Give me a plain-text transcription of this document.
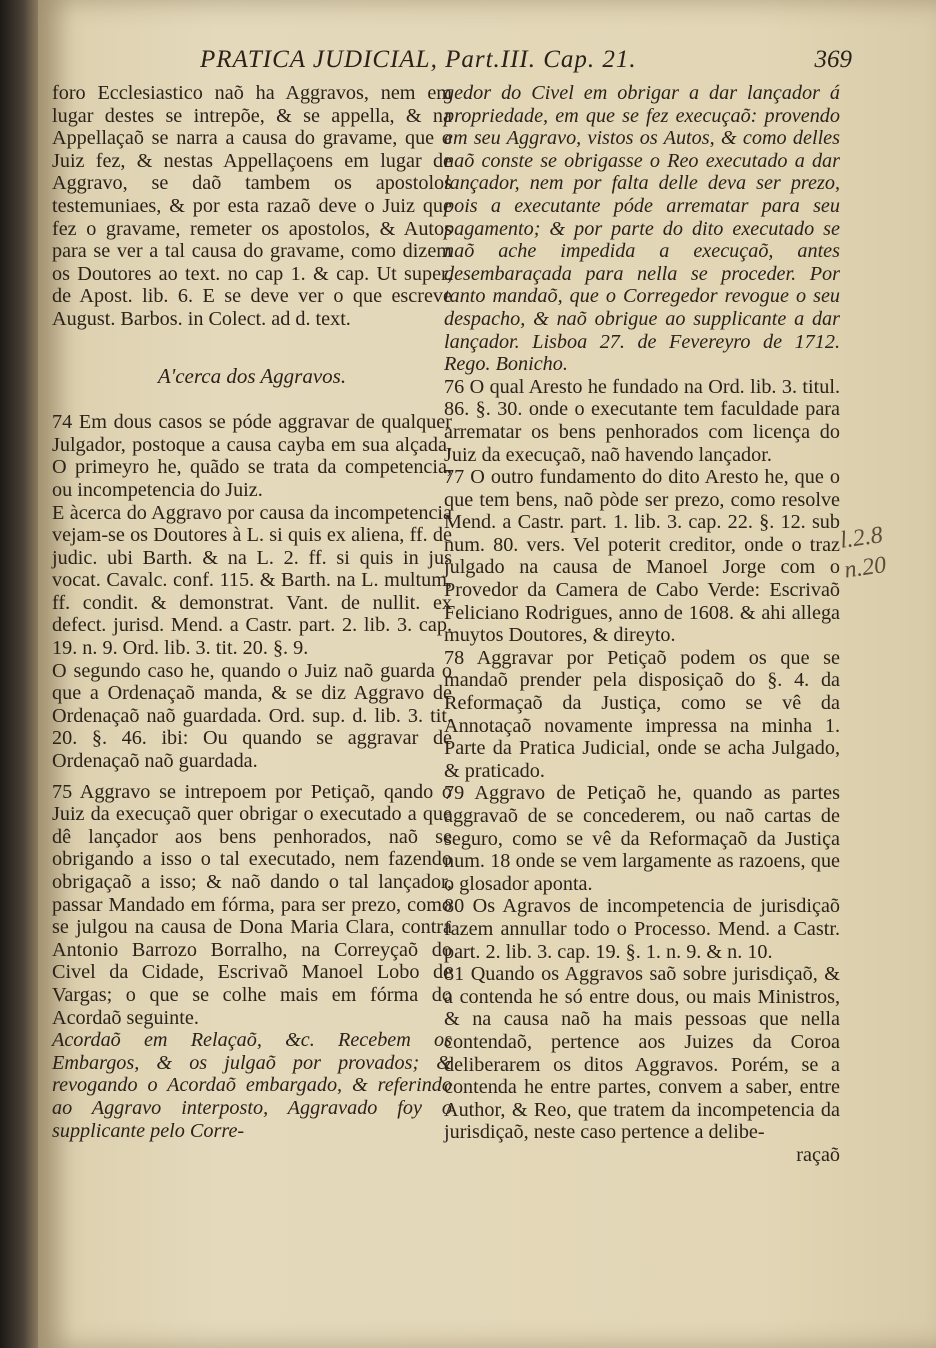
PRATICA JUDICIAL, Part.III. Cap. 21.	369

foro Ecclesiastico naõ ha Aggravos, nem em lugar destes se intrepõe, & se appella, & na Appellaçaõ se narra a causa do gravame, que o Juiz fez, & nestas Appellaçoens em lugar de Aggravo, se daõ tambem os apostolos testemuniaes, & por esta razaõ deve o Juiz que fez o gravame, remeter os apostolos, & Autos para se ver a tal causa do gravame, como dizem os Doutores ao text. no cap 1. & cap. Ut super, de Apost. lib. 6. E se deve ver o que escreve August. Barbos. in Colect. ad d. text.

A'cerca dos Aggravos.

74 Em dous casos se póde aggravar de qualquer Julgador, postoque a causa cayba em sua alçada. O primeyro he, quãdo se trata da competencia, ou incompetencia do Juiz.

E àcerca do Aggravo por causa da incompetencia vejam-se os Doutores à L. si quis ex aliena, ff. de judic. ubi Barth. & na L. 2. ff. si quis in jus vocat. Cavalc. conf. 115. & Barth. na L. multum, ff. condit. & demonstrat. Vant. de nullit. ex defect. jurisd. Mend. a Castr. part. 2. lib. 3. cap. 19. n. 9. Ord. lib. 3. tit. 20. §. 9.

O segundo caso he, quando o Juiz naõ guarda o que a Ordenaçaõ manda, & se diz Aggravo de Ordenaçaõ naõ guardada. Ord. sup. d. lib. 3. tit. 20. §. 46. ibi: Ou quando se aggravar de Ordenaçaõ naõ guardada.

75 Aggravo se intrepoem por Petiçaõ, qando o Juiz da execuçaõ quer obrigar o executado a que dê lançador aos bens penhorados, naõ se obrigando a isso o tal executado, nem fazendo obrigaçaõ a isso; & naõ dando o tal lançador, passar Mandado em fórma, para ser prezo, como se julgou na causa de Dona Maria Clara, contra Antonio Barrozo Borralho, na Correyçaõ do Civel da Cidade, Escrivaõ Manoel Lobo de Vargas; o que se colhe mais em fórma do Acordaõ seguinte.

Acordaõ em Relaçaõ, &c. Recebem os Embargos, & os julgaõ por provados; & revogando o Acordaõ embargado, & referindo ao Aggravo interposto, Aggravado foy o supplicante pelo Corre-

gedor do Civel em obrigar a dar lançador á propriedade, em que se fez execuçaõ: provendo em seu Aggravo, vistos os Autos, & como delles naõ conste se obrigasse o Reo executado a dar lançador, nem por falta delle deva ser prezo, pois a executante póde arrematar para seu pagamento; & por parte do dito executado se naõ ache impedida a execuçaõ, antes desembaraçada para nella se proceder. Por tanto mandaõ, que o Corregedor revogue o seu despacho, & naõ obrigue ao supplicante a dar lançador. Lisboa 27. de Fevereyro de 1712. Rego. Bonicho.

76 O qual Aresto he fundado na Ord. lib. 3. titul. 86. §. 30. onde o executante tem faculdade para arrematar os bens penhorados com licença do Juiz da execuçaõ, naõ havendo lançador.

77 O outro fundamento do dito Aresto he, que o que tem bens, naõ pòde ser prezo, como resolve Mend. a Castr. part. 1. lib. 3. cap. 22. §. 12. sub num. 80. vers. Vel poterit creditor, onde o traz julgado na causa de Manoel Jorge com o Provedor da Camera de Cabo Verde: Escrivaõ Feliciano Rodrigues, anno de 1608. & ahi allega muytos Doutores, & direyto.

78 Aggravar por Petiçaõ podem os que se mandaõ prender pela disposiçaõ do §. 4. da Reformaçaõ da Justiça, como se vê da Annotaçaõ novamente impressa na minha 1. Parte da Pratica Judicial, onde se acha Julgado, & praticado.

79 Aggravo de Petiçaõ he, quando as partes aggravaõ de se concederem, ou naõ cartas de seguro, como se vê da Reformaçaõ da Justiça num. 18 onde se vem largamente as razoens, que o glosador aponta.

80 Os Agravos de incompetencia de jurisdiçaõ fazem annullar todo o Processo. Mend. a Castr. part. 2. lib. 3. cap. 19. §. 1. n. 9. & n. 10.

81 Quando os Aggravos saõ sobre jurisdiçaõ, & a contenda he só entre dous, ou mais Ministros, & na causa naõ ha mais pessoas que nella contendaõ, pertence aos Juizes da Coroa deliberarem os ditos Aggravos. Porém, se a contenda he entre partes, convem a saber, entre Author, & Reo, que tratem da incompetencia da jurisdiçaõ, neste caso pertence a delibe-

raçaõ

l.2.8 n.20
